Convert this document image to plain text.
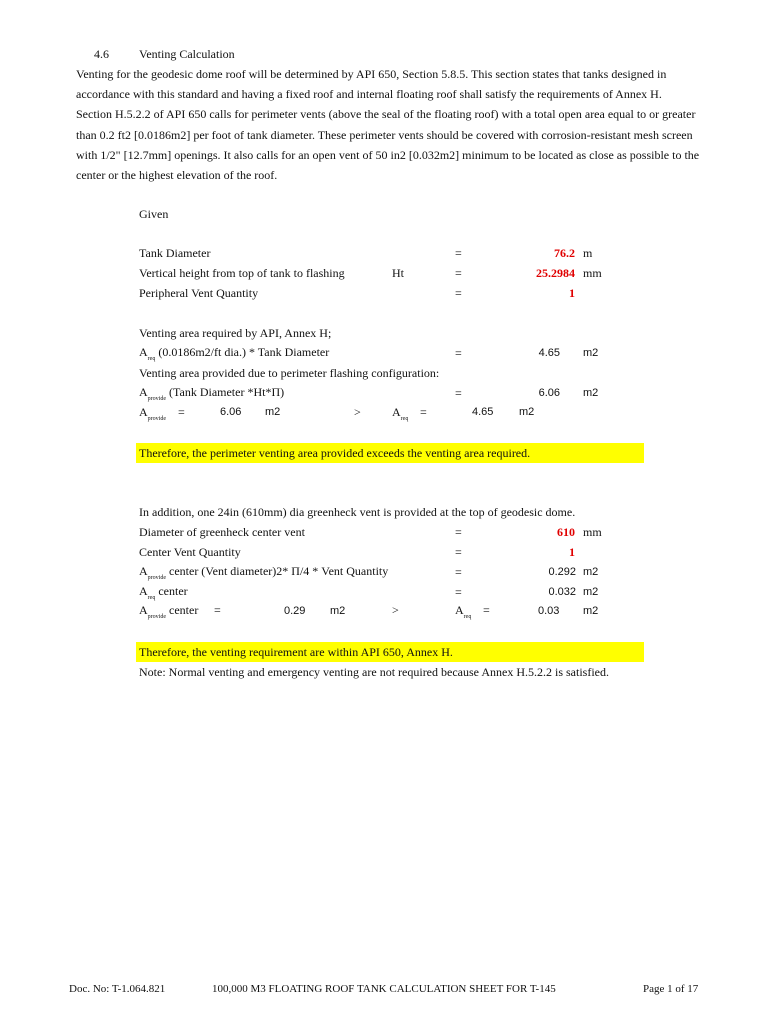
4.6	Venting Calculation
Venting for the geodesic dome roof will be determined by API 650, Section 5.8.5. This section states that tanks designed in
accordance with this standard and having a fixed roof and internal floating roof shall satisfy the requirements of Annex H.
Section H.5.2.2 of API 650 calls for perimeter vents (above the seal of the floating roof) with a total open area equal to or greater
than 0.2 ft2 [0.0186m2] per foot of tank diameter. These perimeter vents should be covered with corrosion-resistant mesh screen
with 1/2" [12.7mm] openings. It also calls for an open vent of 50 in2 [0.032m2] minimum to be located as close as possible to the
center or the highest elevation of the roof.
Given
Tank Diameter	=	76.2 m
Vertical height from top of tank to flashing	Ht	=	25.2984 mm
Peripheral Vent Quantity	=	1
Venting area required by API, Annex H;
$A_{req}$ (0.0186m2/ft dia.) * Tank Diameter	=	4.65 m2
Venting area provided due to perimeter flashing configuration:
$A_{provide}$ (Tank Diameter *Ht*Π)	=	6.06 m2
$A_{provide}$ =	6.06 m2	>	$A_{req}$ =	4.65 m2
Therefore, the perimeter venting area provided exceeds the venting area required.
In addition, one 24in (610mm) dia greenheck vent is provided at the top of geodesic dome.
Diameter of greenheck center vent	=	610 mm
Center Vent Quantity	=	1
$A_{provide}$ center (Vent diameter)2* Π/4 * Vent Quantity	=	0.292 m2
$A_{req}$ center	=	0.032 m2
$A_{provide}$ center =	0.29 m2	>	$A_{req}$ =	0.03 m2
Therefore, the venting requirement are within API 650, Annex H.
Note: Normal venting and emergency venting are not required because Annex H.5.2.2 is satisfied.
Doc. No: T-1.064.821	100,000 M3 FLOATING ROOF TANK CALCULATION SHEET FOR T-145	Page 1 of 17
